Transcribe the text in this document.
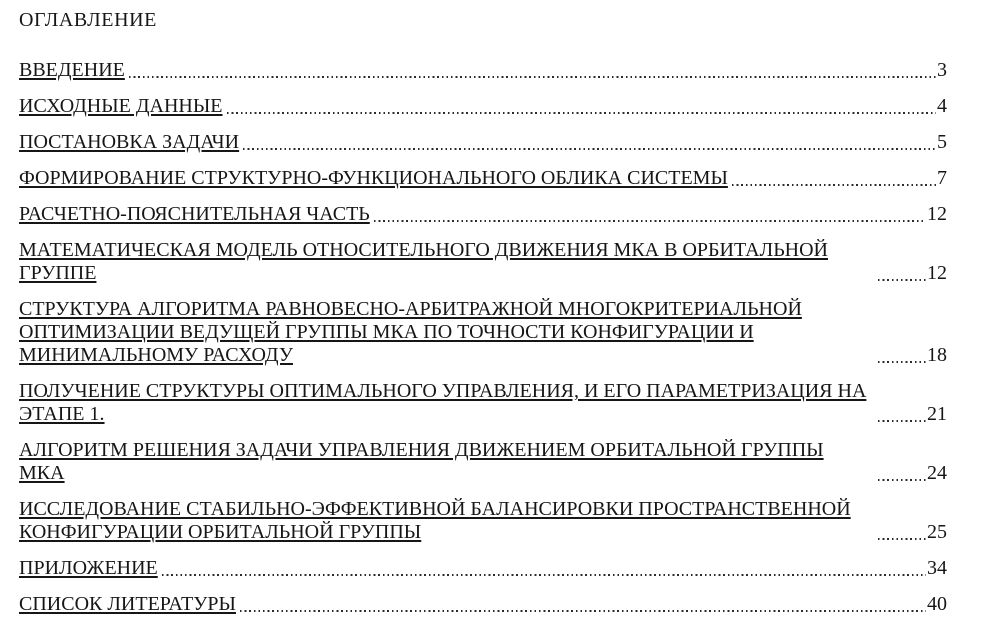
ОГЛАВЛЕНИЕ
ВВЕДЕНИЕ	3
ИСХОДНЫЕ ДАННЫЕ	4
ПОСТАНОВКА ЗАДАЧИ	5
ФОРМИРОВАНИЕ СТРУКТУРНО-ФУНКЦИОНАЛЬНОГО ОБЛИКА СИСТЕМЫ	7
РАСЧЕТНО-ПОЯСНИТЕЛЬНАЯ ЧАСТЬ	12
МАТЕМАТИЧЕСКАЯ МОДЕЛЬ ОТНОСИТЕЛЬНОГО ДВИЖЕНИЯ МКА В ОРБИТАЛЬНОЙ ГРУППЕ	12
СТРУКТУРА АЛГОРИТМА РАВНОВЕСНО-АРБИТРАЖНОЙ МНОГОКРИТЕРИАЛЬНОЙ ОПТИМИЗАЦИИ ВЕДУЩЕЙ ГРУППЫ МКА ПО ТОЧНОСТИ КОНФИГУРАЦИИ И МИНИМАЛЬНОМУ РАСХОДУ	18
ПОЛУЧЕНИЕ СТРУКТУРЫ ОПТИМАЛЬНОГО УПРАВЛЕНИЯ, И ЕГО ПАРАМЕТРИЗАЦИЯ НА ЭТАПЕ 1.	21
АЛГОРИТМ РЕШЕНИЯ ЗАДАЧИ УПРАВЛЕНИЯ ДВИЖЕНИЕМ ОРБИТАЛЬНОЙ ГРУППЫ МКА	24
ИССЛЕДОВАНИЕ СТАБИЛЬНО-ЭФФЕКТИВНОЙ БАЛАНСИРОВКИ ПРОСТРАНСТВЕННОЙ КОНФИГУРАЦИИ ОРБИТАЛЬНОЙ ГРУППЫ	25
ПРИЛОЖЕНИЕ	34
СПИСОК ЛИТЕРАТУРЫ	40
